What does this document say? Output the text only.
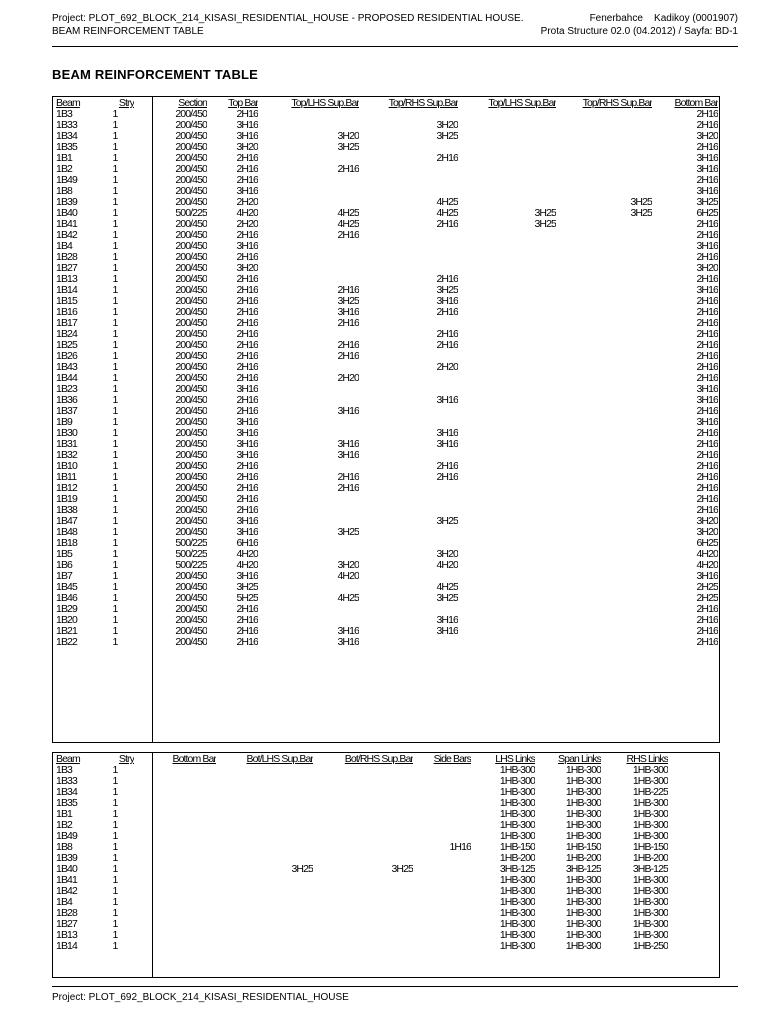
Project: PLOT_692_BLOCK_214_KISASI_RESIDENTIAL_HOUSE - PROPOSED RESIDENTIAL HOUSE.
BEAM REINFORCEMENT TABLE
Fenerbahce    Kadikoy (0001907)
Prota Structure 02.0 (04.2012) / Sayfa: BD-1
BEAM REINFORCEMENT TABLE
Beam	Stry	Section	Top Bar	Top/LHS Sup.Bar	Top/RHS Sup.Bar	Top/LHS Sup.Bar	Top/RHS Sup.Bar	Bottom Bar
1B3	1	200/450	2H16					2H16
1B33	1	200/450	3H16		3H20			2H16
1B34	1	200/450	3H16	3H20	3H25			3H20
1B35	1	200/450	3H20	3H25				2H16
1B1	1	200/450	2H16		2H16			3H16
1B2	1	200/450	2H16	2H16				3H16
1B49	1	200/450	2H16					2H16
1B8	1	200/450	3H16					3H16
1B39	1	200/450	2H20		4H25		3H25	3H25
1B40	1	500/225	4H20	4H25	4H25	3H25	3H25	6H25
1B41	1	200/450	2H20	4H25	2H16	3H25		2H16
1B42	1	200/450	2H16	2H16				2H16
1B4	1	200/450	3H16					3H16
1B28	1	200/450	2H16					2H16
1B27	1	200/450	3H20					3H20
1B13	1	200/450	2H16		2H16			2H16
1B14	1	200/450	2H16	2H16	3H25			3H16
1B15	1	200/450	2H16	3H25	3H16			2H16
1B16	1	200/450	2H16	3H16	2H16			2H16
1B17	1	200/450	2H16	2H16				2H16
1B24	1	200/450	2H16		2H16			2H16
1B25	1	200/450	2H16	2H16	2H16			2H16
1B26	1	200/450	2H16	2H16				2H16
1B43	1	200/450	2H16		2H20			2H16
1B44	1	200/450	2H16	2H20				2H16
1B23	1	200/450	3H16					3H16
1B36	1	200/450	2H16		3H16			3H16
1B37	1	200/450	2H16	3H16				2H16
1B9	1	200/450	3H16					3H16
1B30	1	200/450	3H16		3H16			2H16
1B31	1	200/450	3H16	3H16	3H16			2H16
1B32	1	200/450	3H16	3H16				2H16
1B10	1	200/450	2H16		2H16			2H16
1B11	1	200/450	2H16	2H16	2H16			2H16
1B12	1	200/450	2H16	2H16				2H16
1B19	1	200/450	2H16					2H16
1B38	1	200/450	2H16					2H16
1B47	1	200/450	3H16		3H25			3H20
1B48	1	200/450	3H16	3H25				3H20
1B18	1	500/225	6H16					6H25
1B5	1	500/225	4H20		3H20			4H20
1B6	1	500/225	4H20	3H20	4H20			4H20
1B7	1	200/450	3H16	4H20				3H16
1B45	1	200/450	3H25		4H25			2H25
1B46	1	200/450	5H25	4H25	3H25			2H25
1B29	1	200/450	2H16					2H16
1B20	1	200/450	2H16		3H16			2H16
1B21	1	200/450	2H16	3H16	3H16			2H16
1B22	1	200/450	2H16	3H16				2H16
Beam	Stry	Bottom Bar	Bot/LHS Sup.Bar	Bot/RHS Sup.Bar	Side Bars	LHS Links	Span Links	RHS Links
1B3	1					1HB-300	1HB-300	1HB-300
1B33	1					1HB-300	1HB-300	1HB-300
1B34	1					1HB-300	1HB-300	1HB-225
1B35	1					1HB-300	1HB-300	1HB-300
1B1	1					1HB-300	1HB-300	1HB-300
1B2	1					1HB-300	1HB-300	1HB-300
1B49	1					1HB-300	1HB-300	1HB-300
1B8	1				1H16	1HB-150	1HB-150	1HB-150
1B39	1					1HB-200	1HB-200	1HB-200
1B40	1		3H25	3H25		3HB-125	3HB-125	3HB-125
1B41	1					1HB-300	1HB-300	1HB-300
1B42	1					1HB-300	1HB-300	1HB-300
1B4	1					1HB-300	1HB-300	1HB-300
1B28	1					1HB-300	1HB-300	1HB-300
1B27	1					1HB-300	1HB-300	1HB-300
1B13	1					1HB-300	1HB-300	1HB-300
1B14	1					1HB-300	1HB-300	1HB-250
Project: PLOT_692_BLOCK_214_KISASI_RESIDENTIAL_HOUSE
